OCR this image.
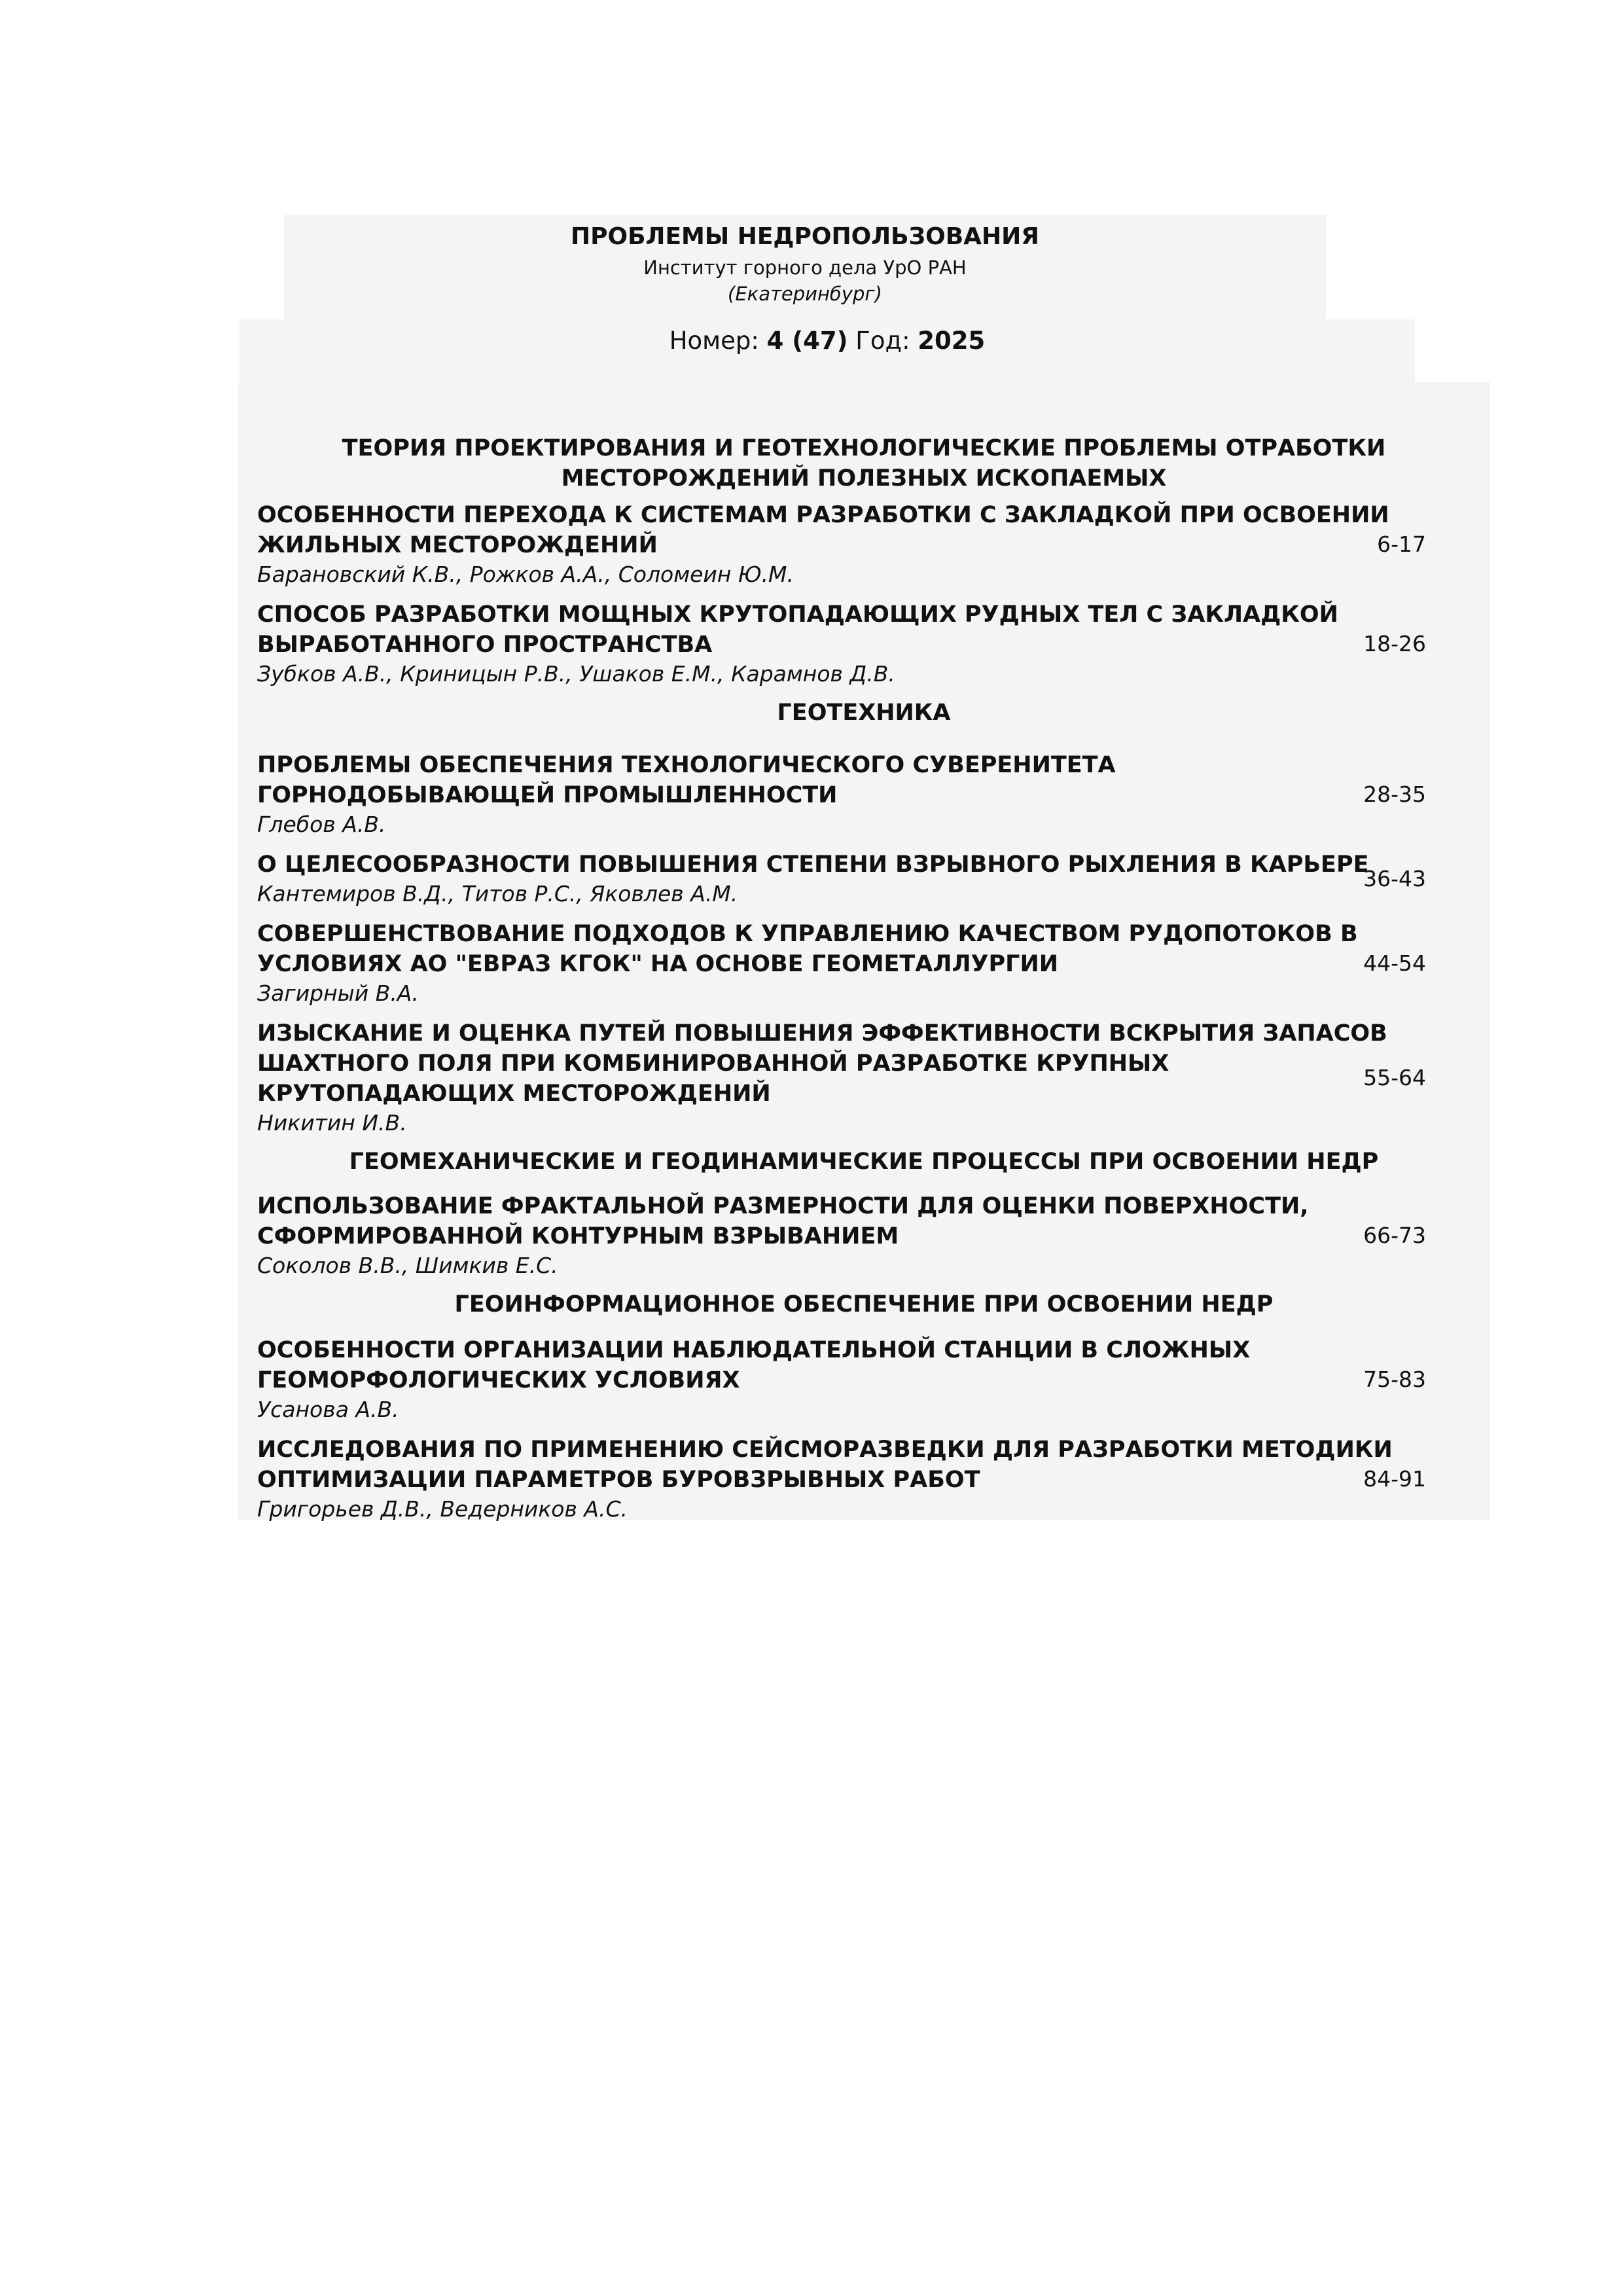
ПРОБЛЕМЫ НЕДРОПОЛЬЗОВАНИЯ
Институт горного дела УрО РАН
(Екатеринбург)
Номер: 4 (47) Год: 2025
ТЕОРИЯ ПРОЕКТИРОВАНИЯ И ГЕОТЕХНОЛОГИЧЕСКИЕ ПРОБЛЕМЫ ОТРАБОТКИ МЕСТОРОЖДЕНИЙ ПОЛЕЗНЫХ ИСКОПАЕМЫХ
ОСОБЕННОСТИ ПЕРЕХОДА К СИСТЕМАМ РАЗРАБОТКИ С ЗАКЛАДКОЙ ПРИ ОСВОЕНИИ ЖИЛЬНЫХ МЕСТОРОЖДЕНИЙ
Барановский К.В., Рожков А.А., Соломеин Ю.М.
6-17
СПОСОБ РАЗРАБОТКИ МОЩНЫХ КРУТОПАДАЮЩИХ РУДНЫХ ТЕЛ С ЗАКЛАДКОЙ ВЫРАБОТАННОГО ПРОСТРАНСТВА
Зубков А.В., Криницын Р.В., Ушаков Е.М., Карамнов Д.В.
18-26
ГЕОТЕХНИКА
ПРОБЛЕМЫ ОБЕСПЕЧЕНИЯ ТЕХНОЛОГИЧЕСКОГО СУВЕРЕНИТЕТА ГОРНОДОБЫВАЮЩЕЙ ПРОМЫШЛЕННОСТИ
Глебов А.В.
28-35
О ЦЕЛЕСООБРАЗНОСТИ ПОВЫШЕНИЯ СТЕПЕНИ ВЗРЫВНОГО РЫХЛЕНИЯ В КАРЬЕРЕ
Кантемиров В.Д., Титов Р.С., Яковлев А.М.
36-43
СОВЕРШЕНСТВОВАНИЕ ПОДХОДОВ К УПРАВЛЕНИЮ КАЧЕСТВОМ РУДОПОТОКОВ В УСЛОВИЯХ АО "ЕВРАЗ КГОК" НА ОСНОВЕ ГЕОМЕТАЛЛУРГИИ
Загирный В.А.
44-54
ИЗЫСКАНИЕ И ОЦЕНКА ПУТЕЙ ПОВЫШЕНИЯ ЭФФЕКТИВНОСТИ ВСКРЫТИЯ ЗАПАСОВ ШАХТНОГО ПОЛЯ ПРИ КОМБИНИРОВАННОЙ РАЗРАБОТКЕ КРУПНЫХ КРУТОПАДАЮЩИХ МЕСТОРОЖДЕНИЙ
Никитин И.В.
55-64
ГЕОМЕХАНИЧЕСКИЕ И ГЕОДИНАМИЧЕСКИЕ ПРОЦЕССЫ ПРИ ОСВОЕНИИ НЕДР
ИСПОЛЬЗОВАНИЕ ФРАКТАЛЬНОЙ РАЗМЕРНОСТИ ДЛЯ ОЦЕНКИ ПОВЕРХНОСТИ, СФОРМИРОВАННОЙ КОНТУРНЫМ ВЗРЫВАНИЕМ
Соколов В.В., Шимкив Е.С.
66-73
ГЕОИНФОРМАЦИОННОЕ ОБЕСПЕЧЕНИЕ ПРИ ОСВОЕНИИ НЕДР
ОСОБЕННОСТИ ОРГАНИЗАЦИИ НАБЛЮДАТЕЛЬНОЙ СТАНЦИИ В СЛОЖНЫХ ГЕОМОРФОЛОГИЧЕСКИХ УСЛОВИЯХ
Усанова А.В.
75-83
ИССЛЕДОВАНИЯ ПО ПРИМЕНЕНИЮ СЕЙСМОРАЗВЕДКИ ДЛЯ РАЗРАБОТКИ МЕТОДИКИ ОПТИМИЗАЦИИ ПАРАМЕТРОВ БУРОВЗРЫВНЫХ РАБОТ
Григорьев Д.В., Ведерников А.С.
84-91
